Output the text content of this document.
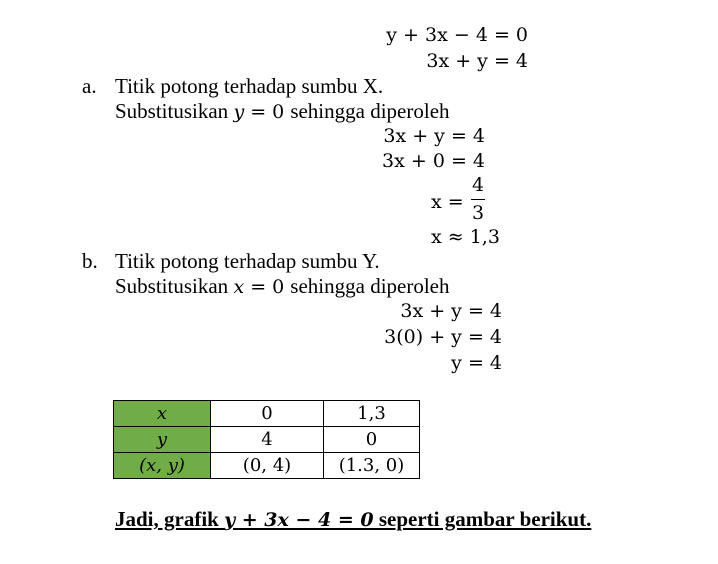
y + 3x − 4 = 0
3x + y = 4
a. Titik potong terhadap sumbu X.
Substitusikan y = 0 sehingga diperoleh
3x + y = 4
3x + 0 = 4
x =
4
3
x ≈ 1,3
b. Titik potong terhadap sumbu Y.
Substitusikan x = 0 sehingga diperoleh
3x + y = 4
3(0) + y = 4
y = 4
x	0	1,3
y	4	0
(x, y)	(0, 4)	(1.3, 0)
Jadi, grafik y + 3x − 4 = 0 seperti gambar berikut.
